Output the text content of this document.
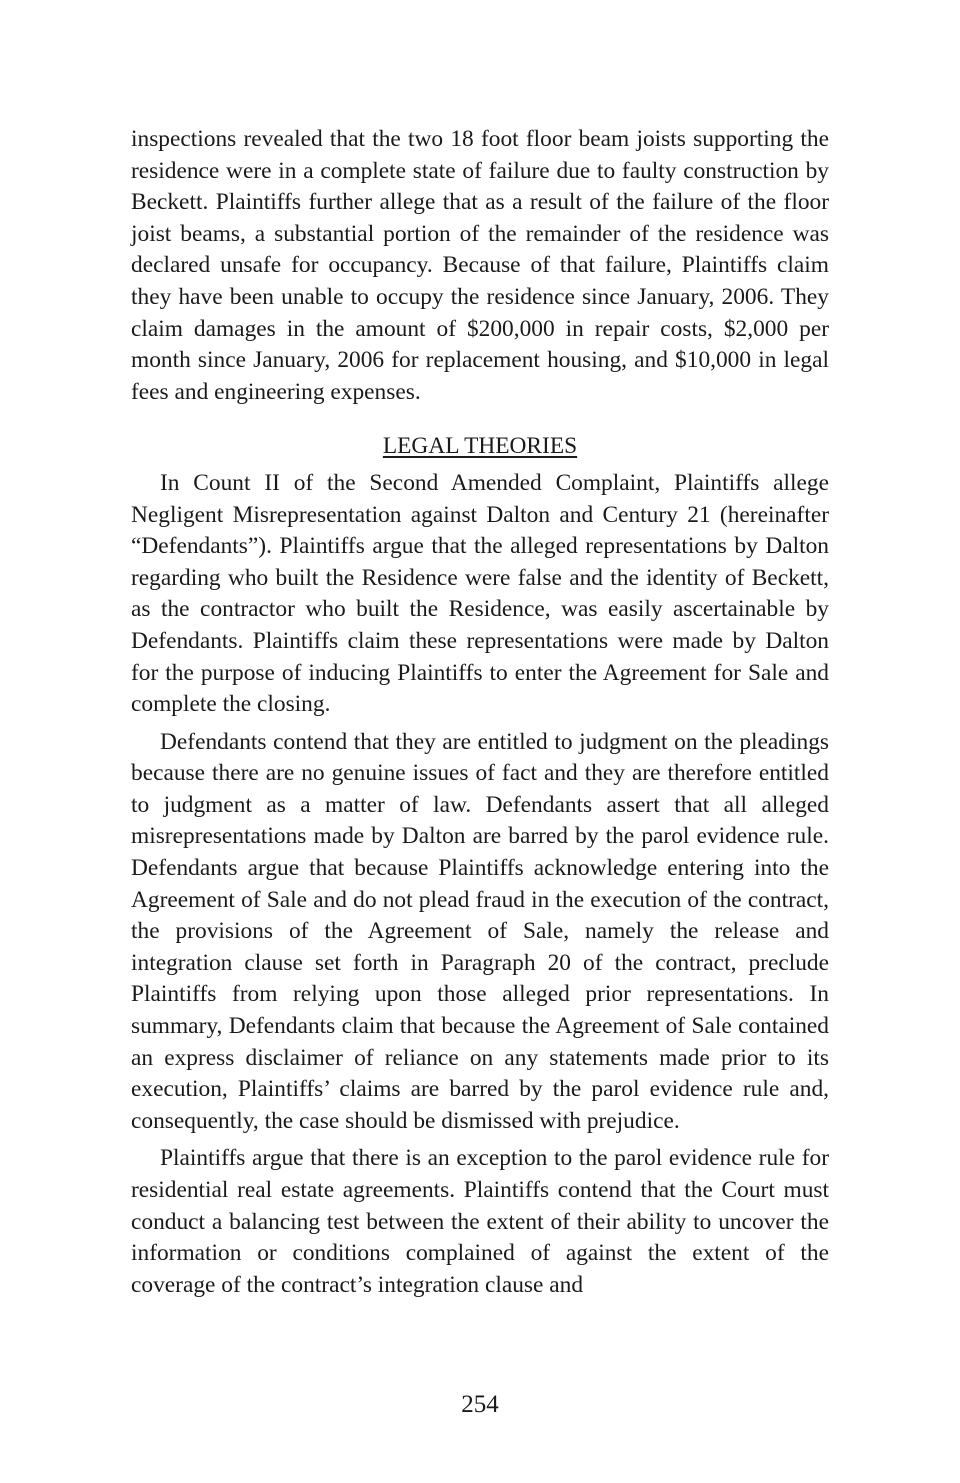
inspections revealed that the two 18 foot floor beam joists supporting the residence were in a complete state of failure due to faulty construction by Beckett. Plaintiffs further allege that as a result of the failure of the floor joist beams, a substantial portion of the remainder of the residence was declared unsafe for occupancy. Because of that failure, Plaintiffs claim they have been unable to occupy the residence since January, 2006. They claim damages in the amount of $200,000 in repair costs, $2,000 per month since January, 2006 for replacement housing, and $10,000 in legal fees and engineering expenses.

LEGAL THEORIES

In Count II of the Second Amended Complaint, Plaintiffs allege Negligent Misrepresentation against Dalton and Century 21 (hereinafter “Defendants”). Plaintiffs argue that the alleged representations by Dalton regarding who built the Residence were false and the identity of Beckett, as the contractor who built the Residence, was easily ascertainable by Defendants. Plaintiffs claim these representations were made by Dalton for the purpose of inducing Plaintiffs to enter the Agreement for Sale and complete the closing.

Defendants contend that they are entitled to judgment on the pleadings because there are no genuine issues of fact and they are therefore entitled to judgment as a matter of law. Defendants assert that all alleged misrepresentations made by Dalton are barred by the parol evidence rule. Defendants argue that because Plaintiffs acknowledge entering into the Agreement of Sale and do not plead fraud in the execution of the contract, the provisions of the Agreement of Sale, namely the release and integration clause set forth in Paragraph 20 of the contract, preclude Plaintiffs from relying upon those alleged prior representations. In summary, Defendants claim that because the Agreement of Sale contained an express disclaimer of reliance on any statements made prior to its execution, Plaintiffs’ claims are barred by the parol evidence rule and, consequently, the case should be dismissed with prejudice.

Plaintiffs argue that there is an exception to the parol evidence rule for residential real estate agreements. Plaintiffs contend that the Court must conduct a balancing test between the extent of their ability to uncover the information or conditions complained of against the extent of the coverage of the contract’s integration clause and

254
